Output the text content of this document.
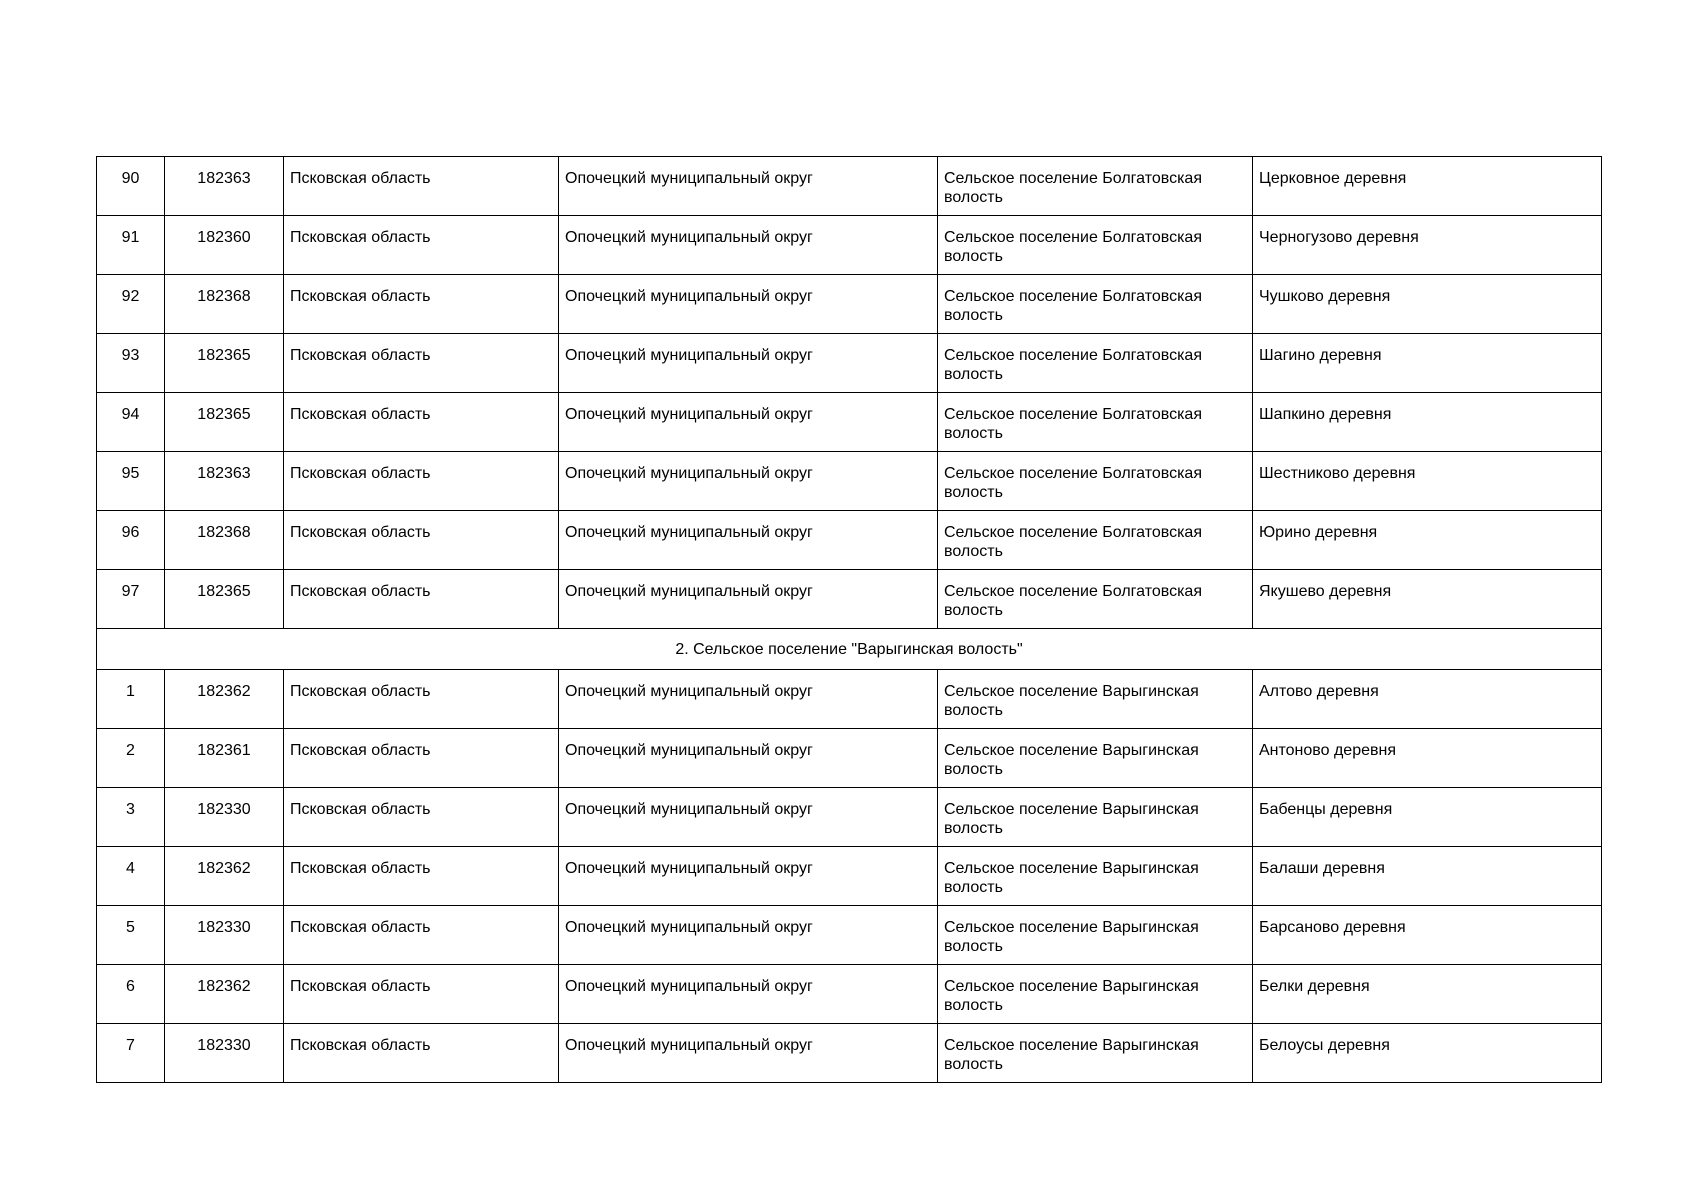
90	182363	Псковская область	Опочецкий муниципальный округ	Сельское поселение Болгатовская волость	Церковное деревня
91	182360	Псковская область	Опочецкий муниципальный округ	Сельское поселение Болгатовская волость	Черногузово деревня
92	182368	Псковская область	Опочецкий муниципальный округ	Сельское поселение Болгатовская волость	Чушково деревня
93	182365	Псковская область	Опочецкий муниципальный округ	Сельское поселение Болгатовская волость	Шагино деревня
94	182365	Псковская область	Опочецкий муниципальный округ	Сельское поселение Болгатовская волость	Шапкино деревня
95	182363	Псковская область	Опочецкий муниципальный округ	Сельское поселение Болгатовская волость	Шестниково деревня
96	182368	Псковская область	Опочецкий муниципальный округ	Сельское поселение Болгатовская волость	Юрино деревня
97	182365	Псковская область	Опочецкий муниципальный округ	Сельское поселение Болгатовская волость	Якушево деревня
2. Сельское поселение "Варыгинская волость"					
1	182362	Псковская область	Опочецкий муниципальный округ	Сельское поселение Варыгинская волость	Алтово деревня
2	182361	Псковская область	Опочецкий муниципальный округ	Сельское поселение Варыгинская волость	Антоново деревня
3	182330	Псковская область	Опочецкий муниципальный округ	Сельское поселение Варыгинская волость	Бабенцы деревня
4	182362	Псковская область	Опочецкий муниципальный округ	Сельское поселение Варыгинская волость	Балаши деревня
5	182330	Псковская область	Опочецкий муниципальный округ	Сельское поселение Варыгинская волость	Барсаново деревня
6	182362	Псковская область	Опочецкий муниципальный округ	Сельское поселение Варыгинская волость	Белки деревня
7	182330	Псковская область	Опочецкий муниципальный округ	Сельское поселение Варыгинская волость	Белоусы деревня
